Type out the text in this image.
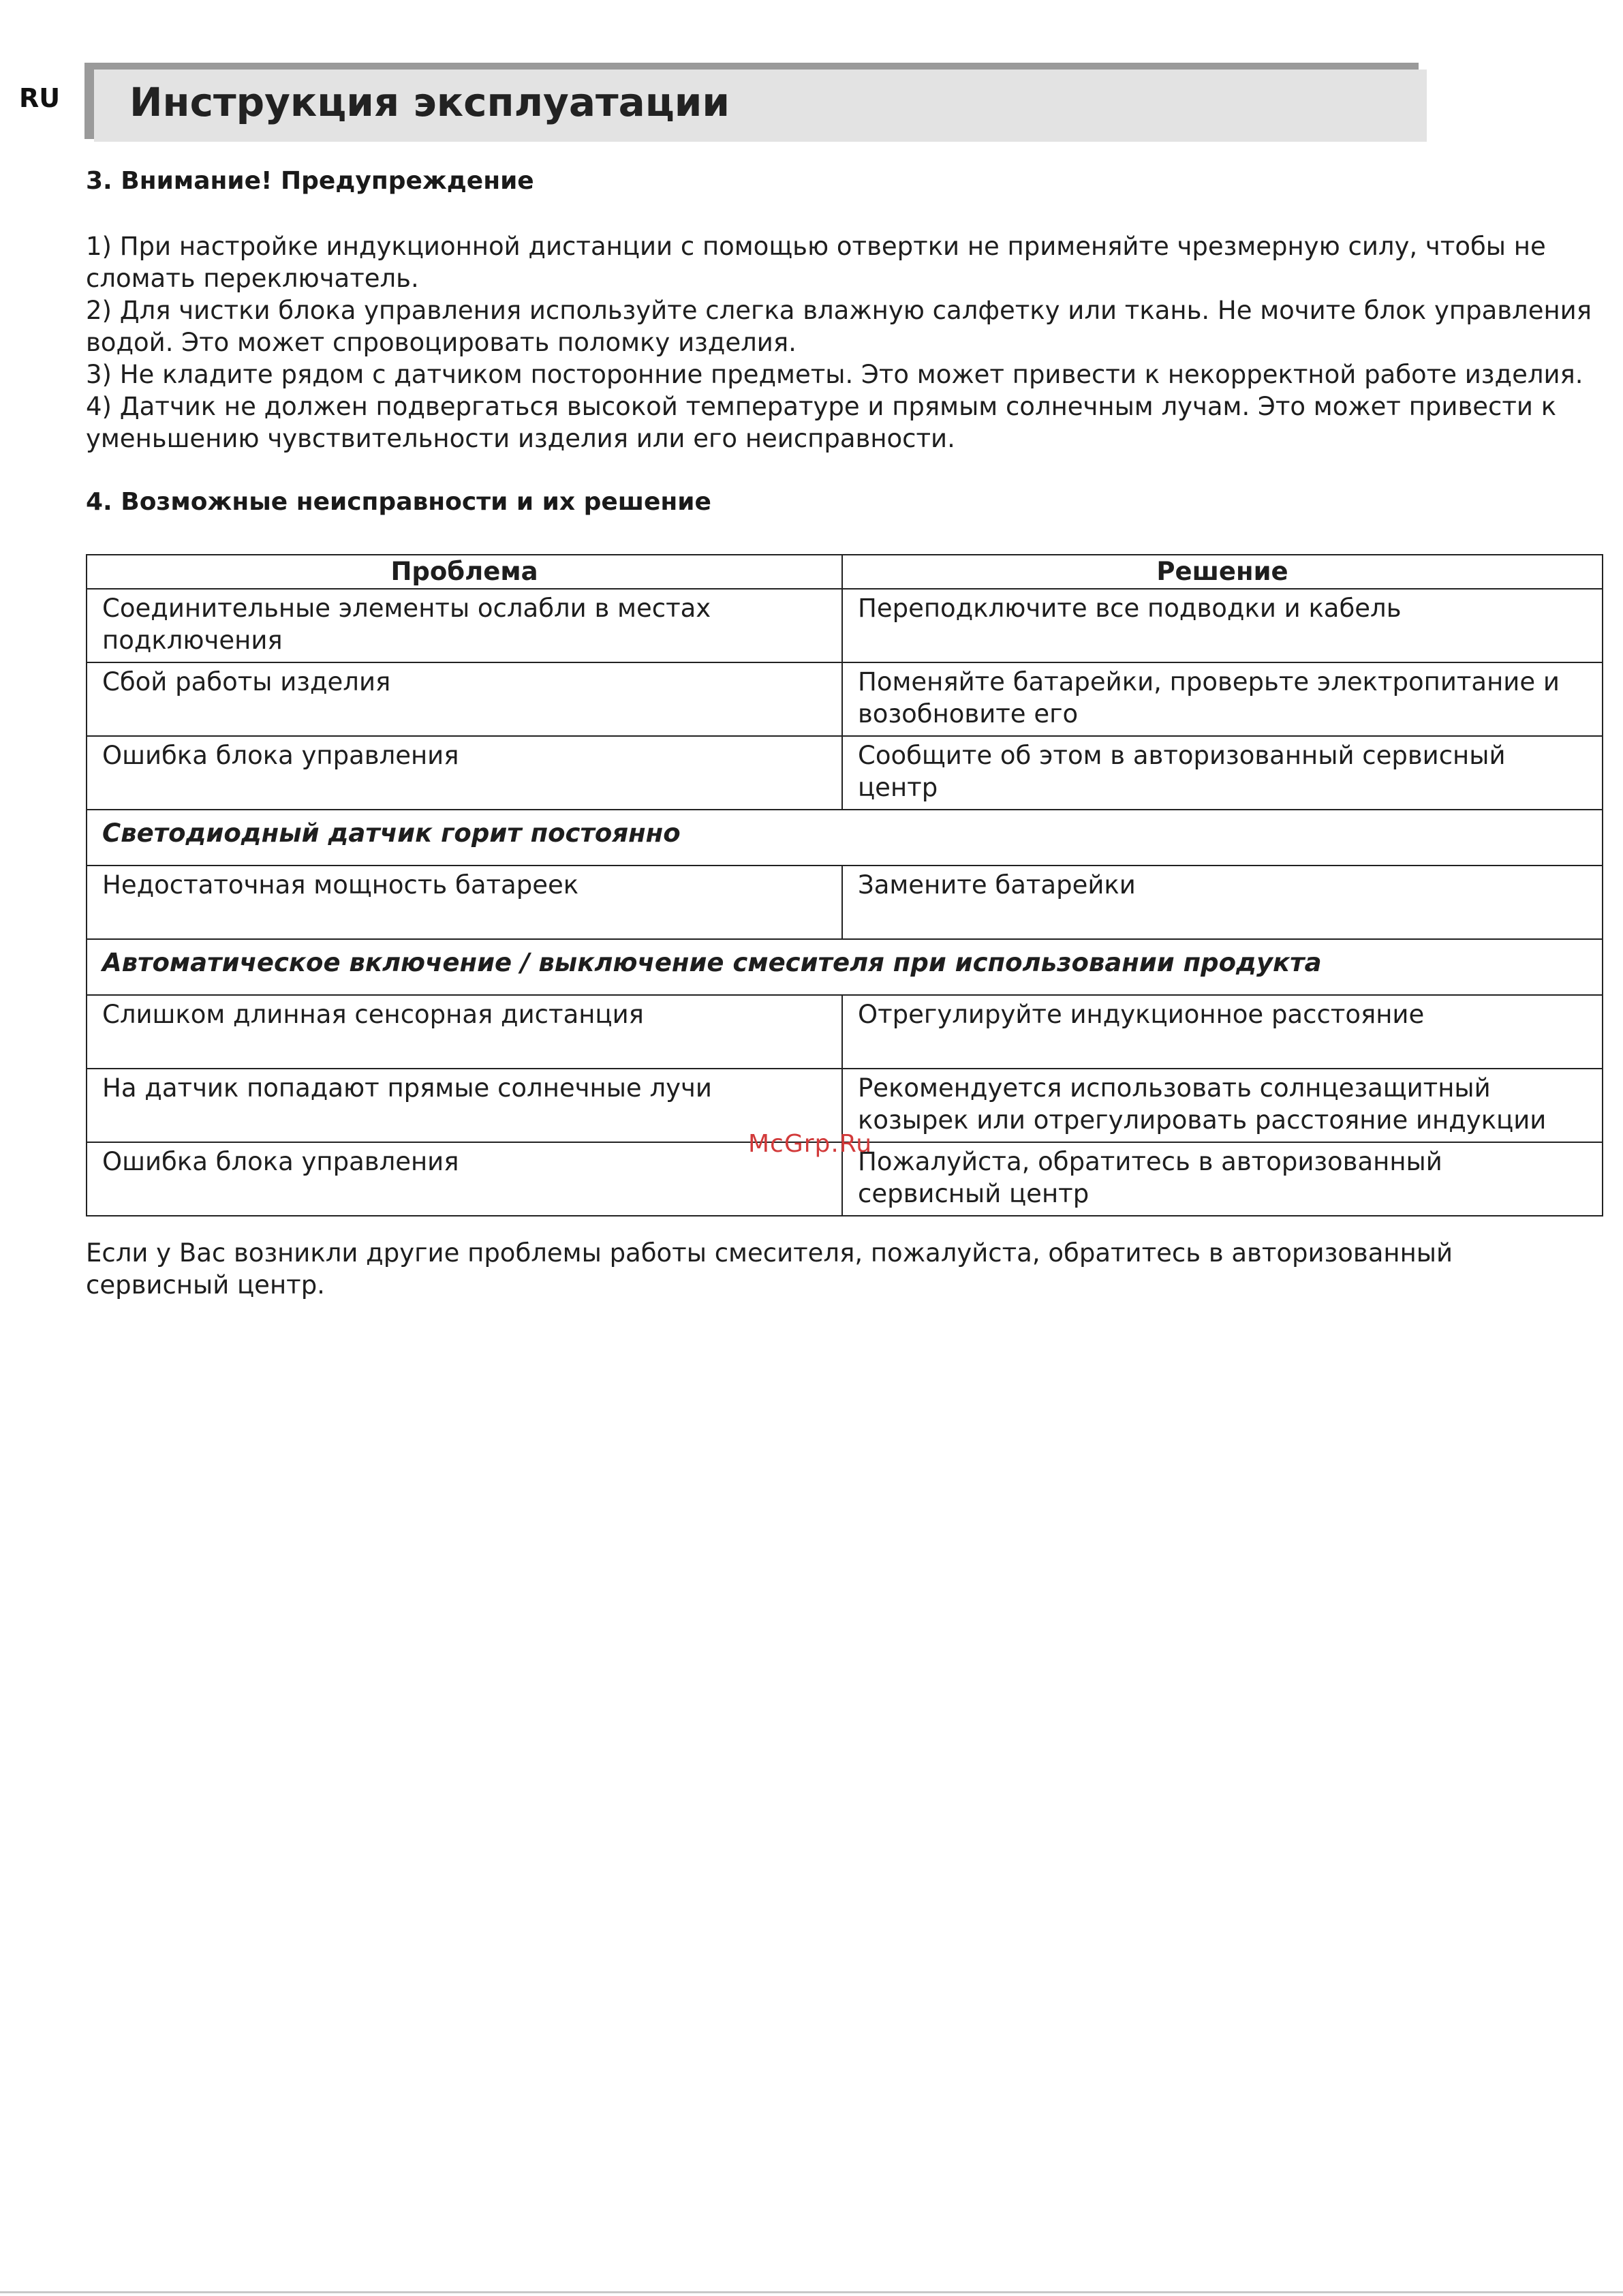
RU Инструкция эксплуатации
3. Внимание! Предупреждение

1) При настройке индукционной дистанции с помощью отвертки не применяйте чрезмерную силу, чтобы не сломать переключатель.

2) Для чистки блока управления используйте слегка влажную салфетку или ткань. Не мочите блок управления водой. Это может спровоцировать поломку изделия.

3) Не кладите рядом с датчиком посторонние предметы. Это может привести к некорректной работе изделия.

4) Датчик не должен подвергаться высокой температуре и прямым солнечным лучам. Это может привести к уменьшению чувствительности изделия или его неисправности.

4. Возможные неисправности и их решение
Проблема	Решение
Соединительные элементы ослабли в местах подключения	Переподключите все подводки и кабель
Сбой работы изделия	Поменяйте батарейки, проверьте электропитание и возобновите его
Ошибка блока управления	Сообщите об этом в авторизованный сервисный центр
Светодиодный датчик горит постоянно	
Недостаточная мощность батареек	Замените батарейки
Автоматическое включение / выключение смесителя при использовании продукта	
Слишком длинная сенсорная дистанция	Отрегулируйте индукционное расстояние
На датчик попадают прямые солнечные лучи	Рекомендуется использовать солнцезащитный козырек или отрегулировать расстояние индукции
Ошибка блока управления	Пожалуйста, обратитесь в авторизованный сервисный центр

Если у Вас возникли другие проблемы работы смесителя, пожалуйста, обратитесь в авторизованный сервисный центр.

McGrp.Ru
